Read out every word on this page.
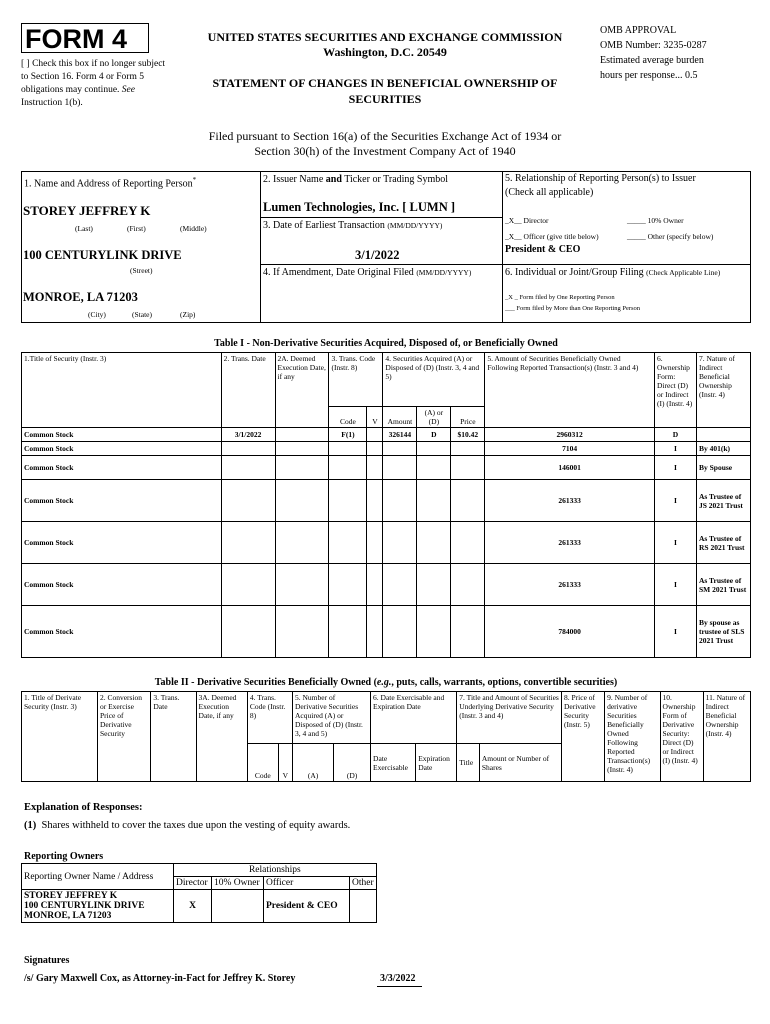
FORM 4
[ ] Check this box if no longer subject to Section 16. Form 4 or Form 5 obligations may continue. See Instruction 1(b).
UNITED STATES SECURITIES AND EXCHANGE COMMISSION
Washington, D.C. 20549
STATEMENT OF CHANGES IN BENEFICIAL OWNERSHIP OF SECURITIES
OMB APPROVAL
OMB Number: 3235-0287
Estimated average burden
hours per response... 0.5
Filed pursuant to Section 16(a) of the Securities Exchange Act of 1934 or
Section 30(h) of the Investment Company Act of 1940
1. Name and Address of Reporting Person*
STOREY JEFFREY K
(Last)	(First)	(Middle)
100 CENTURYLINK DRIVE
(Street)
MONROE, LA 71203
(City)	(State)	(Zip)
2. Issuer Name and Ticker or Trading Symbol
Lumen Technologies, Inc. [ LUMN ]
3. Date of Earliest Transaction (MM/DD/YYYY)
3/1/2022
4. If Amendment, Date Original Filed (MM/DD/YYYY)
5. Relationship of Reporting Person(s) to Issuer
(Check all applicable)
_X__ Director	_____ 10% Owner
_X__ Officer (give title below)	_____ Other (specify below)
President & CEO
6. Individual or Joint/Group Filing (Check Applicable Line)
_X _ Form filed by One Reporting Person
___ Form filed by More than One Reporting Person
Table I - Non-Derivative Securities Acquired, Disposed of, or Beneficially Owned
1.Title of Security (Instr. 3)	2. Trans. Date	2A. Deemed Execution Date, if any	3. Trans. Code (Instr. 8)		4. Securities Acquired (A) or Disposed of (D) (Instr. 3, 4 and 5)			5. Amount of Securities Beneficially Owned Following Reported Transaction(s) (Instr. 3 and 4)	6. Ownership Form: Direct (D) or Indirect (I) (Instr. 4)	7. Nature of Indirect Beneficial Ownership (Instr. 4)
			Code	V	Amount	(A) or (D)	Price			
Common Stock	3/1/2022		F(1)		326144	D	$10.42	2960312	D	
Common Stock								7104	I	By 401(k)
Common Stock								146001	I	By Spouse
Common Stock								261333	I	As Trustee of JS 2021 Trust
Common Stock								261333	I	As Trustee of RS 2021 Trust
Common Stock								261333	I	As Trustee of SM 2021 Trust
Common Stock								784000	I	By spouse as trustee of SLS 2021 Trust
Table II - Derivative Securities Beneficially Owned (e.g., puts, calls, warrants, options, convertible securities)
1. Title of Derivate Security (Instr. 3)	2. Conversion or Exercise Price of Derivative Security	3. Trans. Date	3A. Deemed Execution Date, if any	4. Trans. Code (Instr. 8)		5. Number of Derivative Securities Acquired (A) or Disposed of (D) (Instr. 3, 4 and 5)		6. Date Exercisable and Expiration Date		7. Title and Amount of Securities Underlying Derivative Security (Instr. 3 and 4)		8. Price of Derivative Security (Instr. 5)	9. Number of derivative Securities Beneficially Owned Following Reported Transaction(s) (Instr. 4)	10. Ownership Form of Derivative Security: Direct (D) or Indirect (I) (Instr. 4)	11. Nature of Indirect Beneficial Ownership (Instr. 4)
				Code	V	(A)	(D)	Date Exercisable	Expiration Date	Title	Amount or Number of Shares				
Explanation of Responses:
(1) Shares withheld to cover the taxes due upon the vesting of equity awards.
Reporting Owners
Reporting Owner Name / Address	Relationships			
	Director	10% Owner	Officer	Other

STOREY JEFFREY K
100 CENTURYLINK DRIVE
MONROE, LA 71203	X		President & CEO	
Signatures
/s/ Gary Maxwell Cox, as Attorney-in-Fact for Jeffrey K. Storey	3/3/2022
